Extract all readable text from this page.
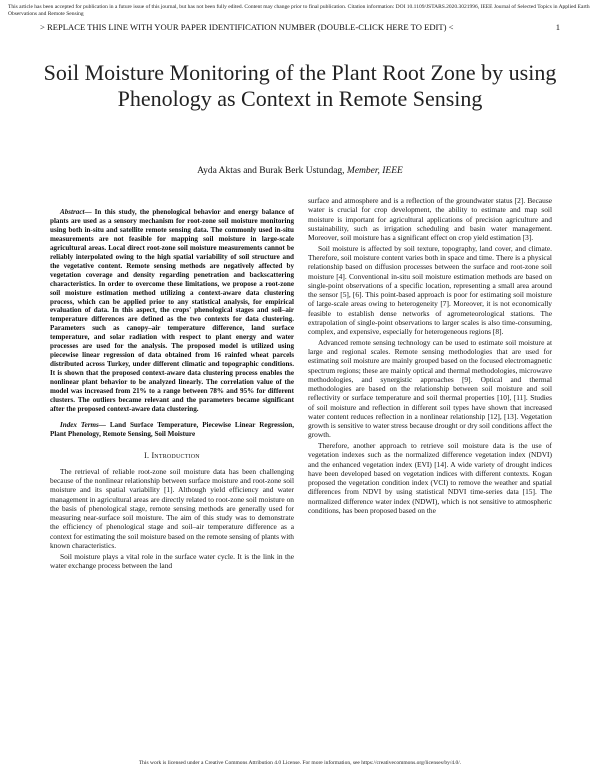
This article has been accepted for publication in a future issue of this journal, but has not been fully edited. Content may change prior to final publication. Citation information: DOI 10.1109/JSTARS.2020.3021996, IEEE Journal of Selected Topics in Applied Earth Observations and Remote Sensing
> REPLACE THIS LINE WITH YOUR PAPER IDENTIFICATION NUMBER (DOUBLE-CLICK HERE TO EDIT) <	1
Soil Moisture Monitoring of the Plant Root Zone by using Phenology as Context in Remote Sensing
Ayda Aktas and Burak Berk Ustundag, Member, IEEE
Abstract— In this study, the phenological behavior and energy balance of plants are used as a sensory mechanism for root-zone soil moisture monitoring using both in-situ and satellite remote sensing data. The commonly used in-situ measurements are not feasible for mapping soil moisture in large-scale agricultural areas. Local direct root-zone soil moisture measurements cannot be reliably interpolated owing to the high spatial variability of soil structure and the vegetative content. Remote sensing methods are negatively affected by vegetation coverage and density regarding penetration and backscattering characteristics. In order to overcome these limitations, we propose a root-zone soil moisture estimation method utilizing a context-aware data clustering process, which can be applied prior to any statistical analysis, for empirical evaluation of data. In this aspect, the crops' phenological stages and soil–air temperature differences are defined as the two contexts for data clustering. Parameters such as canopy–air temperature difference, land surface temperature, and solar radiation with respect to plant energy and water processes are used for the analysis. The proposed model is utilized using piecewise linear regression of data obtained from 16 rainfed wheat parcels distributed across Turkey, under different climatic and topographic conditions. It is shown that the proposed context-aware data clustering process enables the nonlinear plant behavior to be analyzed linearly. The correlation value of the model was increased from 21% to a range between 78% and 95% for different clusters. The outliers became relevant and the parameters became significant after the proposed context-aware data clustering.
Index Terms— Land Surface Temperature, Piecewise Linear Regression, Plant Phenology, Remote Sensing, Soil Moisture
I. Introduction

The retrieval of reliable root-zone soil moisture data has been challenging because of the nonlinear relationship between surface moisture and root-zone soil moisture and its spatial variability [1]. Although yield efficiency and water management in agricultural areas are directly related to root-zone soil moisture on the basis of phenological stage, remote sensing methods are generally used for measuring near-surface soil moisture. The aim of this study was to demonstrate the efficiency of phenological stage and soil–air temperature difference as a context for estimating the soil moisture based on the remote sensing of plants with known characteristics.

Soil moisture plays a vital role in the surface water cycle. It is the link in the water exchange process between the land

surface and atmosphere and is a reflection of the groundwater status [2]. Because water is crucial for crop development, the ability to estimate and map soil moisture is important for agricultural applications of precision agriculture and sustainability, such as irrigation scheduling and basin water management. Moreover, soil moisture has a significant effect on crop yield estimation [3].

Soil moisture is affected by soil texture, topography, land cover, and climate. Therefore, soil moisture content varies both in space and time. There is a physical relationship based on diffusion processes between the surface and root-zone soil moisture [4]. Conventional in-situ soil moisture estimation methods are based on single-point observations of a specific location, representing a small area around the sensor [5], [6]. This point-based approach is poor for estimating soil moisture of large-scale areas owing to heterogeneity [7]. Moreover, it is not economically feasible to establish dense networks of agrometeorological stations. The extrapolation of single-point observations to larger scales is also time-consuming, complex, and expensive, especially for heterogeneous regions [8].

Advanced remote sensing technology can be used to estimate soil moisture at large and regional scales. Remote sensing methodologies that are used for estimating soil moisture are mainly grouped based on the focused electromagnetic spectrum regions; these are mainly optical and thermal methodologies, microwave methodologies, and synergistic approaches [9]. Optical and thermal methodologies are based on the relationship between soil moisture and soil reflectivity or surface temperature and soil thermal properties [10], [11]. Studies of soil moisture and reflection in different soil types have shown that increased water content reduces reflection in a nonlinear relationship [12], [13]. Vegetation growth is sensitive to water stress because drought or dry soil conditions affect the growth.

Therefore, another approach to retrieve soil moisture data is the use of vegetation indexes such as the normalized difference vegetation index (NDVI) and the enhanced vegetation index (EVI) [14]. A wide variety of drought indices have been developed based on vegetation indices with different contexts. Kogan proposed the vegetation condition index (VCI) to remove the weather and spatial differences from NDVI by using statistical NDVI time-series data [15]. The normalized difference water index (NDWI), which is not sensitive to atmospheric conditions, has been proposed based on the

This work is licensed under a Creative Commons Attribution 4.0 License. For more information, see https://creativecommons.org/licenses/by/4.0/.
